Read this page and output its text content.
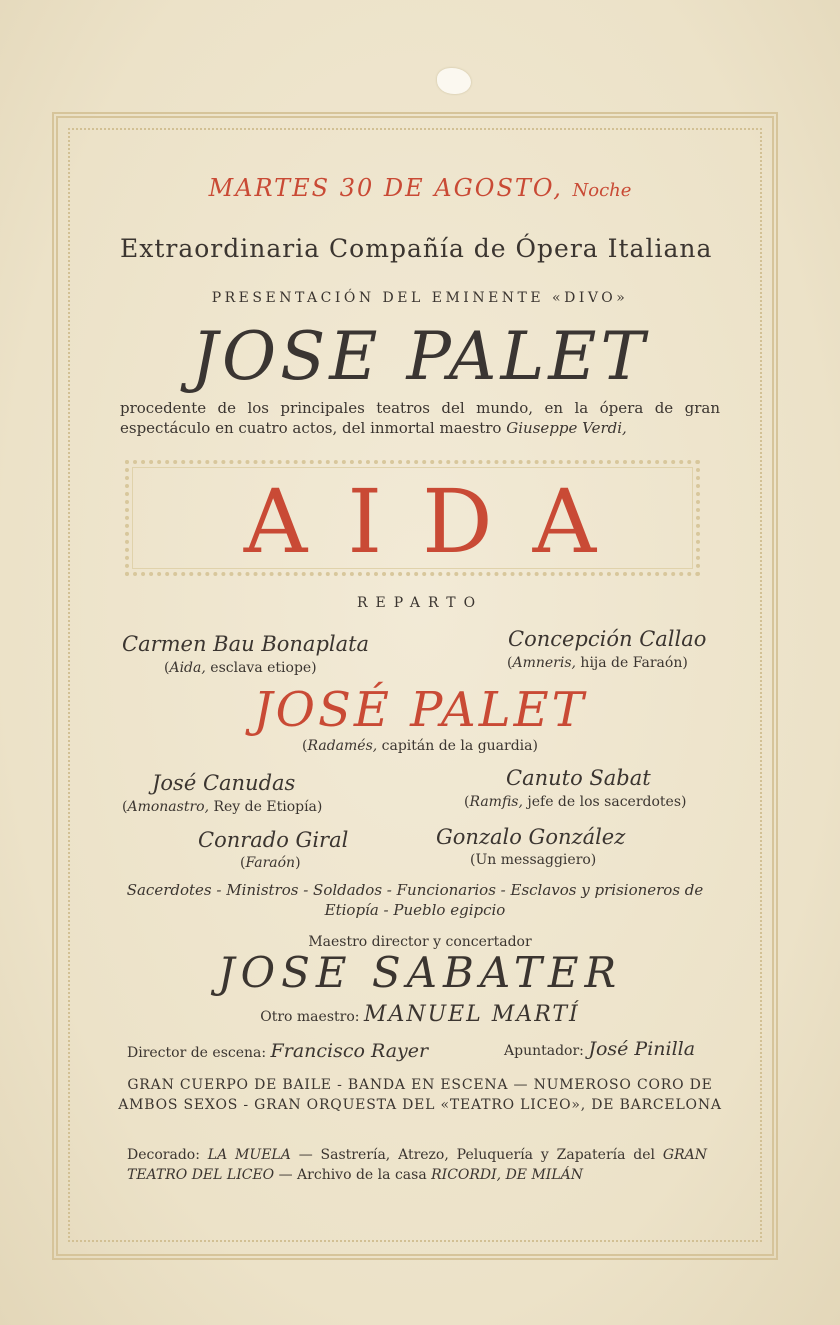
MARTES 30 DE AGOSTO, Noche
Extraordinaria Compañía de Ópera Italiana
PRESENTACIÓN DEL EMINENTE «DIVO»
JOSE PALET
procedente de los principales teatros del mundo, en la ópera de gran espectáculo en cuatro actos, del inmortal maestro Giuseppe Verdi,
AIDA
REPARTO
Carmen Bau Bonaplata
(Aida, esclava etiope)
Concepción Callao
(Amneris, hija de Faraón)
JOSÉ PALET
(Radamés, capitán de la guardia)
José Canudas
(Amonastro, Rey de Etiopía)
Canuto Sabat
(Ramfis, jefe de los sacerdotes)
Conrado Giral
(Faraón)
Gonzalo González
(Un messaggiero)
Sacerdotes - Ministros - Soldados - Funcionarios - Esclavos y prisioneros de Etiopía - Pueblo egipcio
Maestro director y concertador
JOSE SABATER
Otro maestro: MANUEL MARTÍ
Director de escena: Francisco Rayer	Apuntador: José Pinilla
GRAN CUERPO DE BAILE - BANDA EN ESCENA — NUMEROSO CORO DE AMBOS SEXOS - GRAN ORQUESTA DEL «TEATRO LICEO», DE BARCELONA
Decorado: LA MUELA — Sastrería, Atrezo, Peluquería y Zapatería del GRAN TEATRO DEL LICEO — Archivo de la casa RICORDI, DE MILÁN
